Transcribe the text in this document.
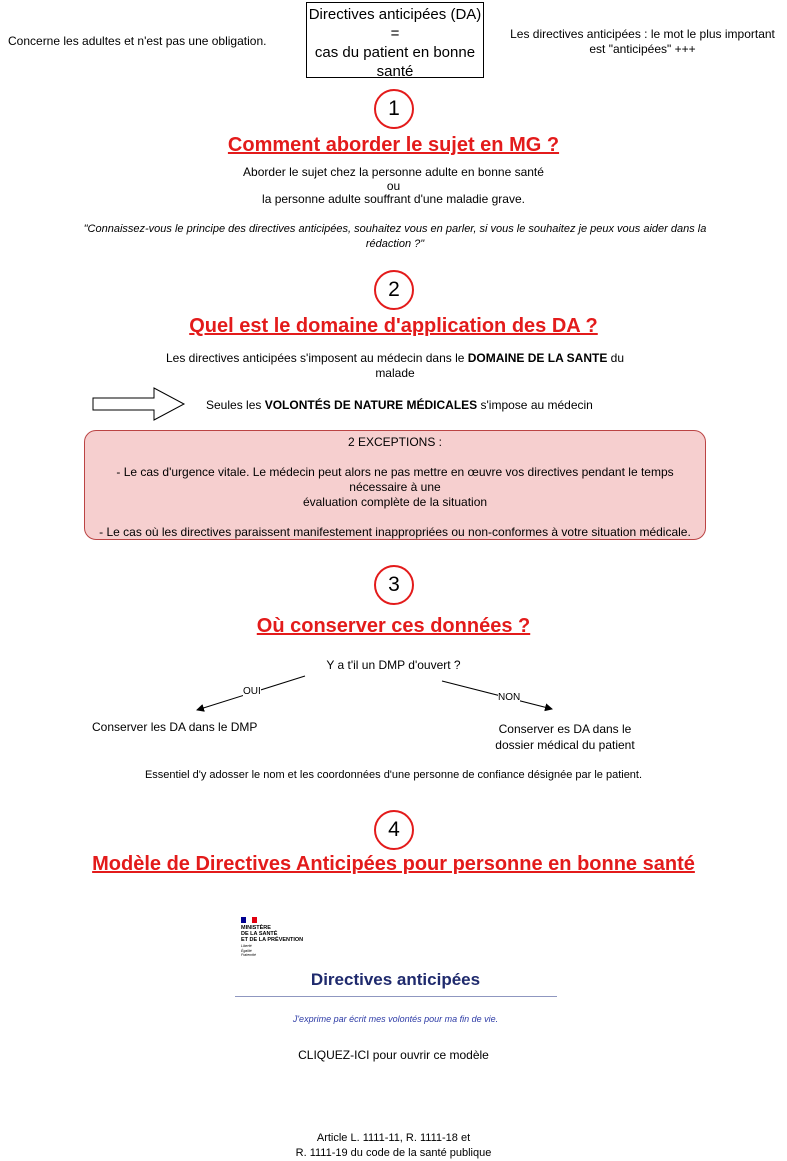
Concerne les adultes et n'est pas une obligation.
Directives anticipées (DA)
=
cas du patient en bonne
santé
Les directives anticipées : le mot le plus important
est "anticipées" +++
1
Comment aborder le sujet en MG ?
Aborder le sujet chez la personne adulte en bonne santé
ou
la personne adulte souffrant d'une maladie grave.
"Connaissez-vous le principe des directives anticipées, souhaitez vous en parler, si vous le souhaitez je peux vous aider dans la
rédaction ?"
2
Quel est le domaine d'application des DA ?
Les directives anticipées s'imposent au médecin dans le DOMAINE DE LA SANTE du
malade
Seules les VOLONTÉS DE NATURE MÉDICALES s'impose au médecin

2 EXCEPTIONS :

- Le cas d'urgence vitale. Le médecin peut alors ne pas mettre en œuvre vos directives pendant le temps

nécessaire à une

évaluation complète de la situation

- Le cas où les directives paraissent manifestement inappropriées ou non-conformes à votre situation médicale.

3
Où conserver ces données ?
Y a t'il un DMP d'ouvert ?
OUI
NON
Conserver les DA dans le DMP	Conserver es DA dans le
dossier médical du patient
Essentiel d'y adosser le nom et les coordonnées d'une personne de confiance désignée par le patient.
4
Modèle de Directives Anticipées pour personne en bonne santé
MINISTÈRE
DE LA SANTÉ
ET DE LA PRÉVENTION
Liberté
Égalité
Fraternité
Directives anticipées
J'exprime par écrit mes volontés pour ma fin de vie.
CLIQUEZ-ICI pour ouvrir ce modèle
Article L. 1111-11, R. 1111-18 et
R. 1111-19 du code de la santé publique
